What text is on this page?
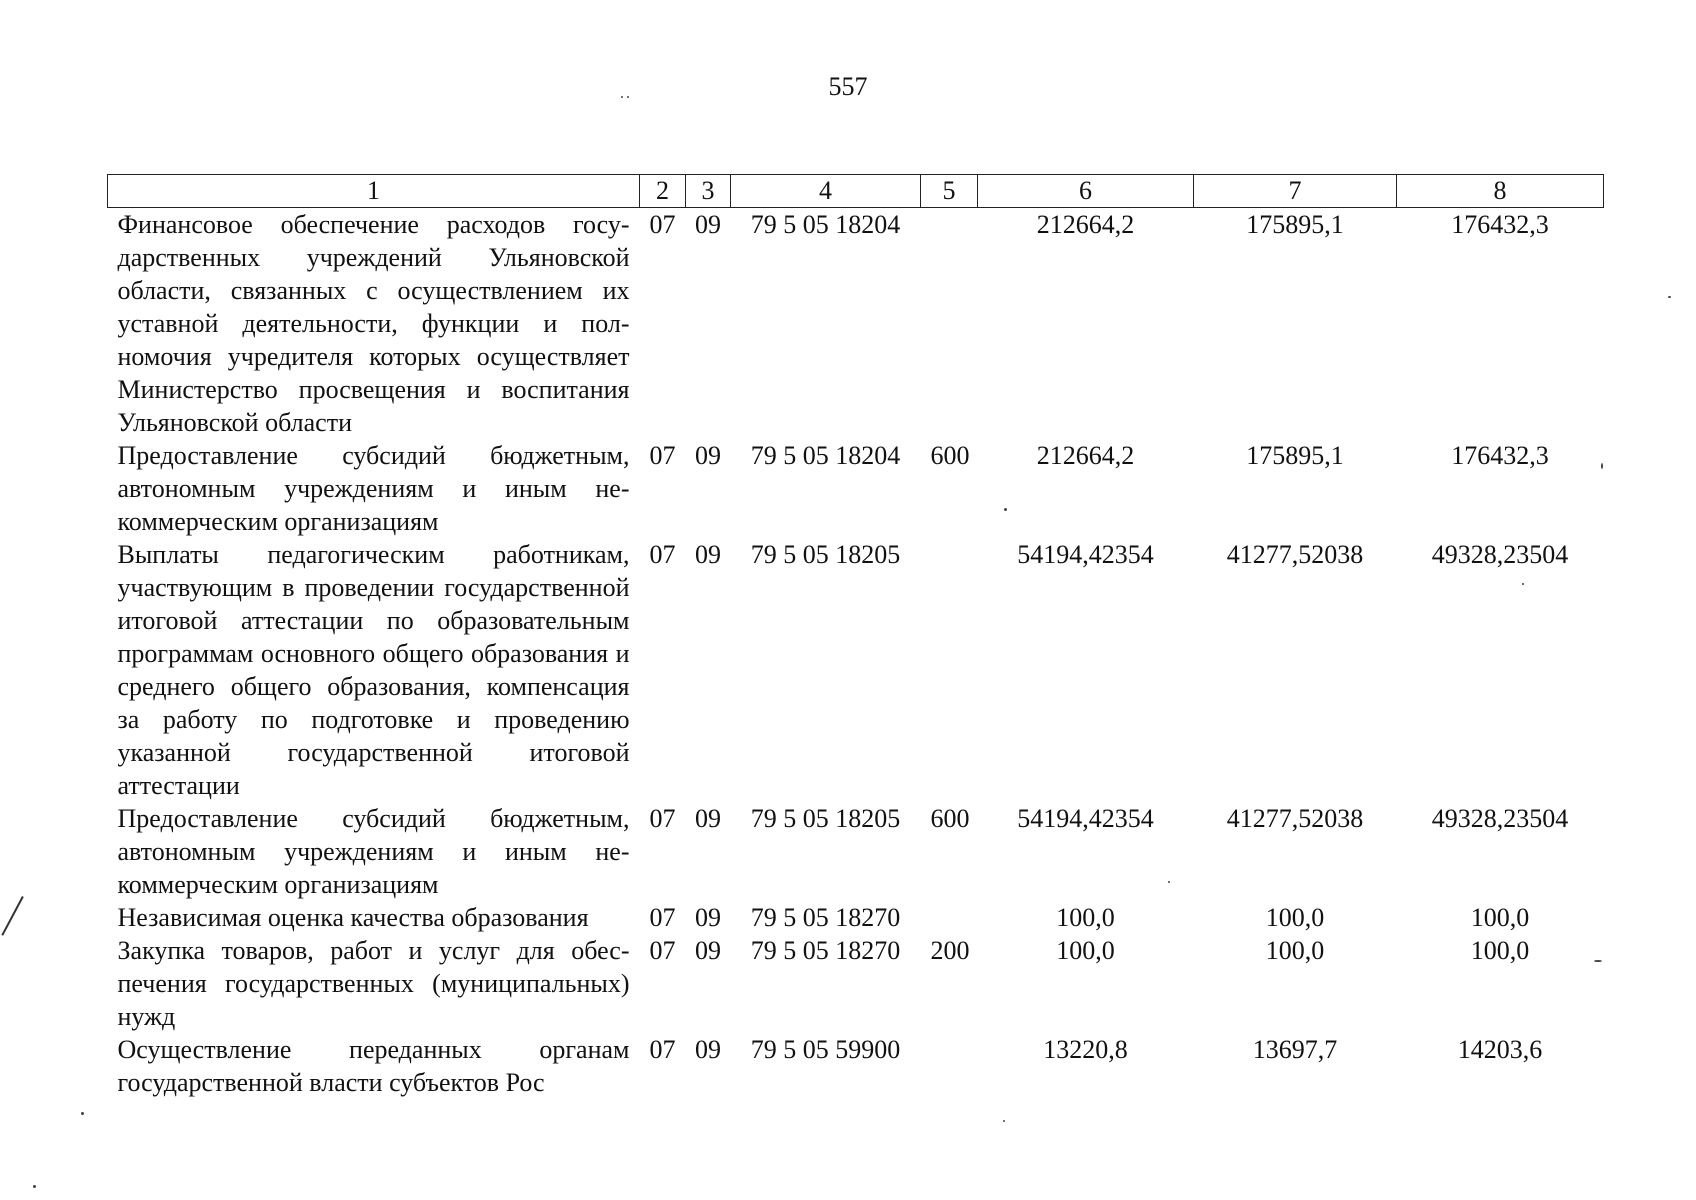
557
1	2	3	4	5	6	7	8
Финансовое обеспечение расходов государственных учреждений Ульяновской области, связанных с осуществлением их уставной деятельности, функции и полномочия учредителя которых осуществляет Министерство просвещения и воспитания Ульяновской области	07	09	79 5 05 18204		212664,2	175895,1	176432,3
Предоставление субсидий бюджетным, автономным учреждениям и иным некоммерческим организациям	07	09	79 5 05 18204	600	212664,2	175895,1	176432,3
Выплаты педагогическим работникам, участвующим в проведении государственной итоговой аттестации по образовательным программам основного общего образования и среднего общего образования, компенсация за работу по подготовке и проведению указанной государственной итоговой аттестации	07	09	79 5 05 18205		54194,42354	41277,52038	49328,23504
Предоставление субсидий бюджетным, автономным учреждениям и иным некоммерческим организациям	07	09	79 5 05 18205	600	54194,42354	41277,52038	49328,23504
Независимая оценка качества образования	07	09	79 5 05 18270		100,0	100,0	100,0
Закупка товаров, работ и услуг для обеспечения государственных (муниципальных) нужд	07	09	79 5 05 18270	200	100,0	100,0	100,0
Осуществление переданных органам государственной власти субъектов Рос	07	09	79 5 05 59900		13220,8	13697,7	14203,6
